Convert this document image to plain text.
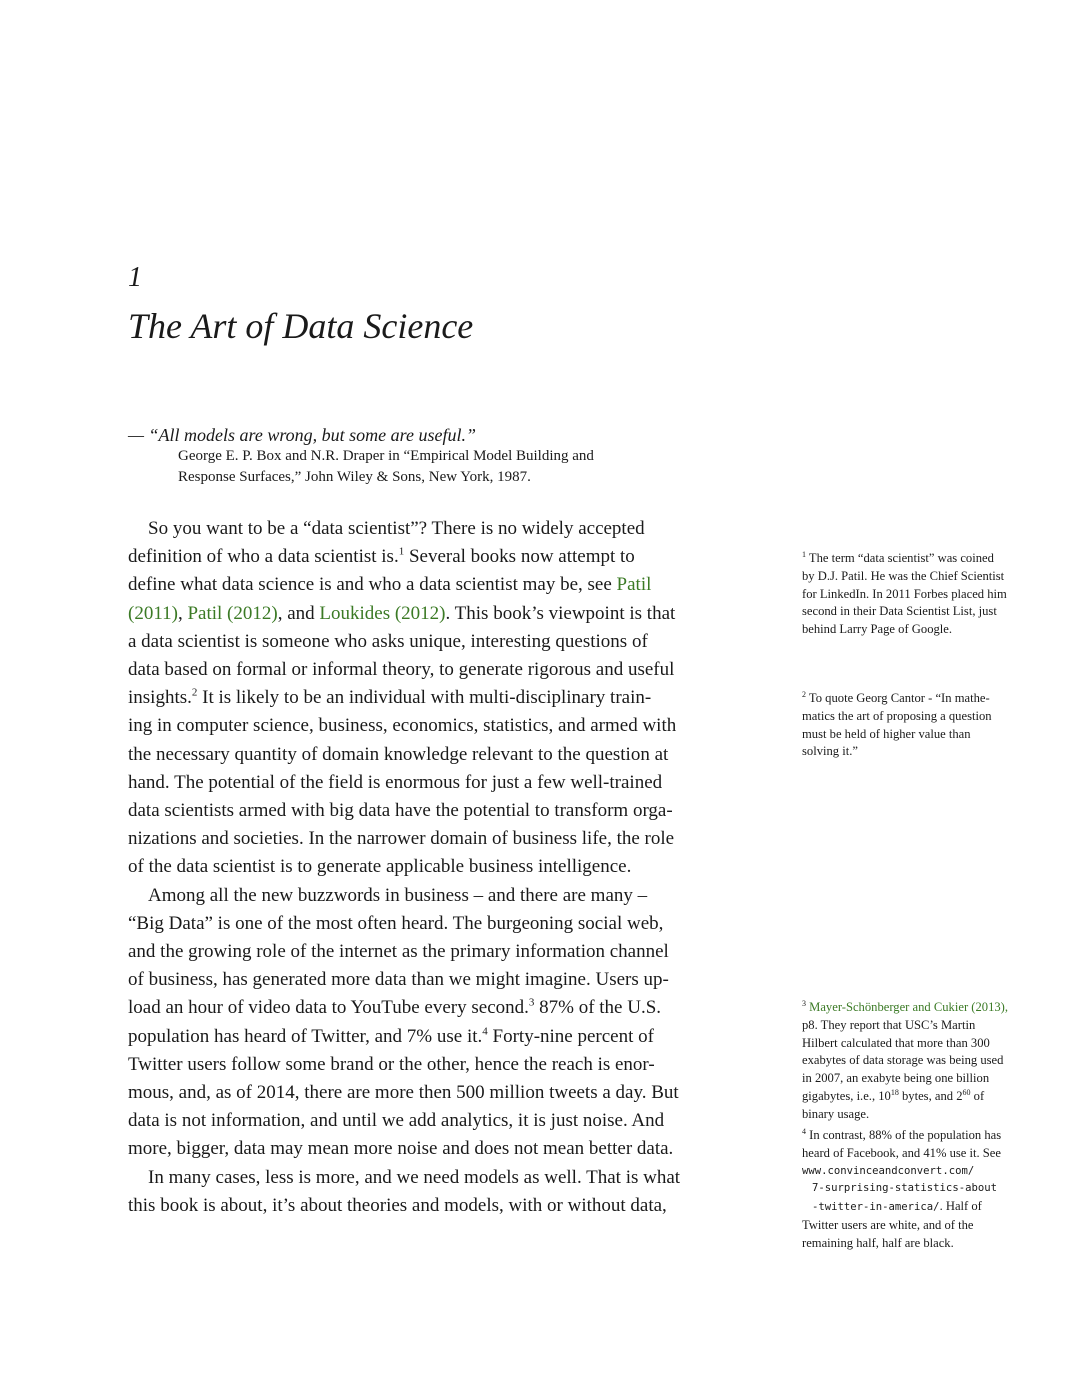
1
The Art of Data Science
— “All models are wrong, but some are useful.”
George E. P. Box and N.R. Draper in “Empirical Model Building and
Response Surfaces,” John Wiley & Sons, New York, 1987.
So you want to be a “data scientist”? There is no widely accepted
definition of who a data scientist is.$^1$ Several books now attempt to
define what data science is and who a data scientist may be, see Patil
(2011), Patil (2012), and Loukides (2012). This book’s viewpoint is that
a data scientist is someone who asks unique, interesting questions of
data based on formal or informal theory, to generate rigorous and useful
insights.$^2$ It is likely to be an individual with multi-disciplinary train-
ing in computer science, business, economics, statistics, and armed with
the necessary quantity of domain knowledge relevant to the question at
hand. The potential of the field is enormous for just a few well-trained
data scientists armed with big data have the potential to transform orga-
nizations and societies. In the narrower domain of business life, the role
of the data scientist is to generate applicable business intelligence.
Among all the new buzzwords in business – and there are many –
“Big Data” is one of the most often heard. The burgeoning social web,
and the growing role of the internet as the primary information channel
of business, has generated more data than we might imagine. Users up-
load an hour of video data to YouTube every second.$^3$ 87% of the U.S.
population has heard of Twitter, and 7% use it.$^4$ Forty-nine percent of
Twitter users follow some brand or the other, hence the reach is enor-
mous, and, as of 2014, there are more then 500 million tweets a day. But
data is not information, and until we add analytics, it is just noise. And
more, bigger, data may mean more noise and does not mean better data.
In many cases, less is more, and we need models as well. That is what
this book is about, it’s about theories and models, with or without data,
$^1$ The term “data scientist” was coined
by D.J. Patil. He was the Chief Scientist
for LinkedIn. In 2011 Forbes placed him
second in their Data Scientist List, just
behind Larry Page of Google.
$^2$ To quote Georg Cantor - “In mathe-
matics the art of proposing a question
must be held of higher value than
solving it.”
$^3$ Mayer-Schönberger and Cukier (2013),
p8. They report that USC’s Martin
Hilbert calculated that more than 300
exabytes of data storage was being used
in 2007, an exabyte being one billion
gigabytes, i.e., $10^{18}$ bytes, and $2^{60}$ of
binary usage.
$^4$ In contrast, 88% of the population has
heard of Facebook, and 41% use it. See
www.convinceandconvert.com/
7-surprising-statistics-about
-twitter-in-america/. Half of
Twitter users are white, and of the
remaining half, half are black.
